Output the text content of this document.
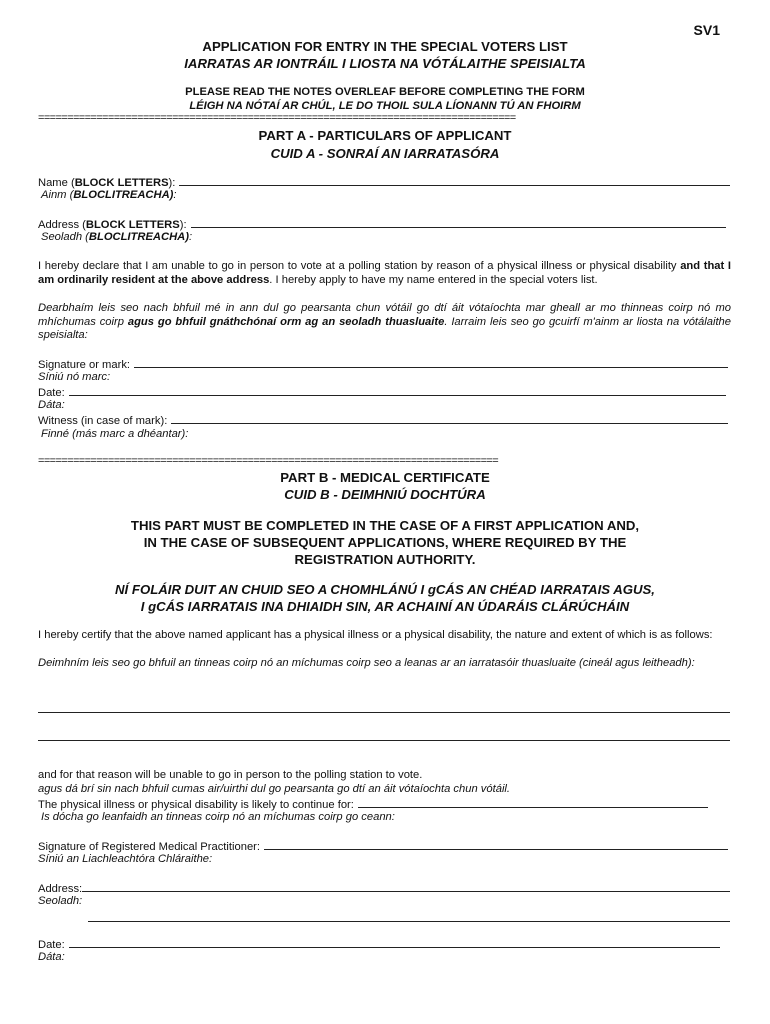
SV1
APPLICATION FOR ENTRY IN THE SPECIAL VOTERS LIST
IARRATAS AR IONTRÁIL I LIOSTA NA VÓTÁLAITHE SPEISIALTA
PLEASE READ THE NOTES OVERLEAF BEFORE COMPLETING THE FORM
LÉIGH NA NÓTAÍ AR CHÚL, LE DO THOIL SULA LÍONANN TÚ AN FHOIRM
==================================================================================
PART A - PARTICULARS OF APPLICANT
CUID A - SONRAÍ AN IARRATASÓRA
Name (BLOCK LETTERS):
Ainm (BLOCLITREACHA):
Address (BLOCK LETTERS):
Seoladh (BLOCLITREACHA):
I hereby declare that I am unable to go in person to vote at a polling station by reason of a physical illness or physical disability and that I am ordinarily resident at the above address. I hereby apply to have my name entered in the special voters list.
Dearbhaím leis seo nach bhfuil mé in ann dul go pearsanta chun vótáil go dtí áit vótaíochta mar gheall ar mo thinneas coirp nó mo mhíchumas coirp agus go bhfuil gnáthchónaí orm ag an seoladh thuasluaite. Iarraim leis seo go gcuirfí m'ainm ar liosta na vótálaithe speisialta:
Signature or mark:
Síniú nó marc:
Date:
Dáta:
Witness (in case of mark):
Finné (más marc a dhéantar):
===============================================================================
PART B - MEDICAL CERTIFICATE
CUID B - DEIMHNIÚ DOCHTÚRA
THIS PART MUST BE COMPLETED IN THE CASE OF A FIRST APPLICATION AND,
IN THE CASE OF SUBSEQUENT APPLICATIONS, WHERE REQUIRED BY THE
REGISTRATION AUTHORITY.
NÍ FOLÁIR DUIT AN CHUID SEO A CHOMHLÁNÚ I gCÁS AN CHÉAD IARRATAIS AGUS,
I gCÁS IARRATAIS INA DHIAIDH SIN, AR ACHAINÍ AN ÚDARÁIS CLÁRÚCHÁIN
I hereby certify that the above named applicant has a physical illness or a physical disability, the nature and extent of which is as follows:
Deimhním leis seo go bhfuil an tinneas coirp nó an míchumas coirp seo a leanas ar an iarratasóir thuasluaite (cineál agus leitheadh):
and for that reason will be unable to go in person to the polling station to vote.
agus dá brí sin nach bhfuil cumas air/uirthi dul go pearsanta go dtí an áit vótaíochta chun vótáil.
The physical illness or physical disability is likely to continue for:
Is dócha go leanfaidh an tinneas coirp nó an míchumas coirp go ceann:
Signature of Registered Medical Practitioner:
Síniú an Liachleachtóra Chláraithe:
Address:
Seoladh:
Date:
Dáta:
